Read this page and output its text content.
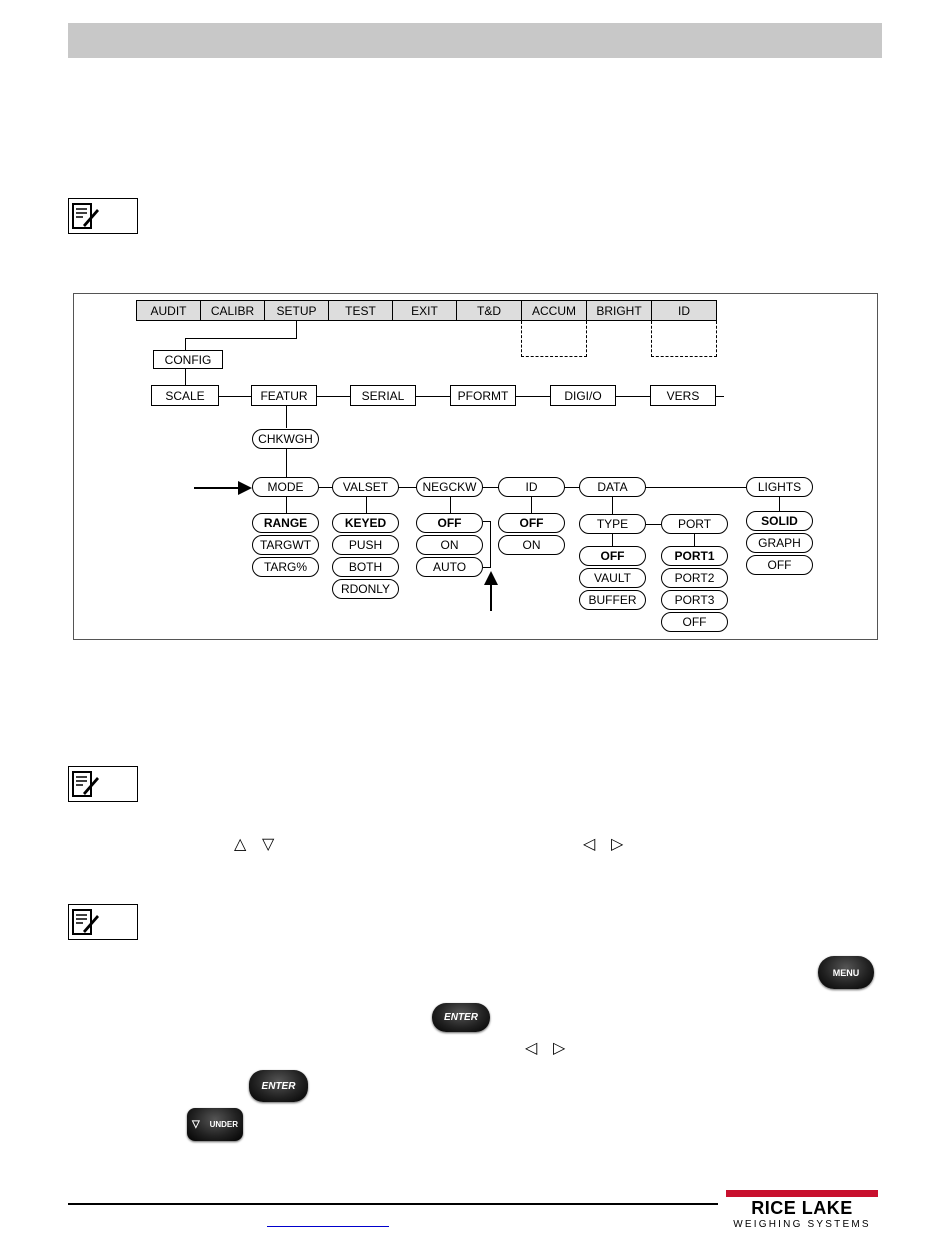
AUDIT	CALIBR	SETUP	TEST	EXIT	T&D	ACCUM	BRIGHT	ID
CONFIG
SCALE	FEATUR	SERIAL	PFORMT	DIGI/O	VERS
CHKWGH
MODE	VALSET	NEGCKW	ID	DATA	LIGHTS
RANGE
TARGWT
TARG%
KEYED
PUSH
BOTH
RDONLY
OFF
ON
AUTO
OFF
ON
TYPE	PORT
OFF
VAULT
BUFFER
PORT1
PORT2
PORT3
OFF
SOLID
GRAPH
OFF
△ ▽	◁ ▷
MENU
ENTER
◁ ▷
ENTER
▽ UNDER
RICE LAKE
WEIGHING SYSTEMS
